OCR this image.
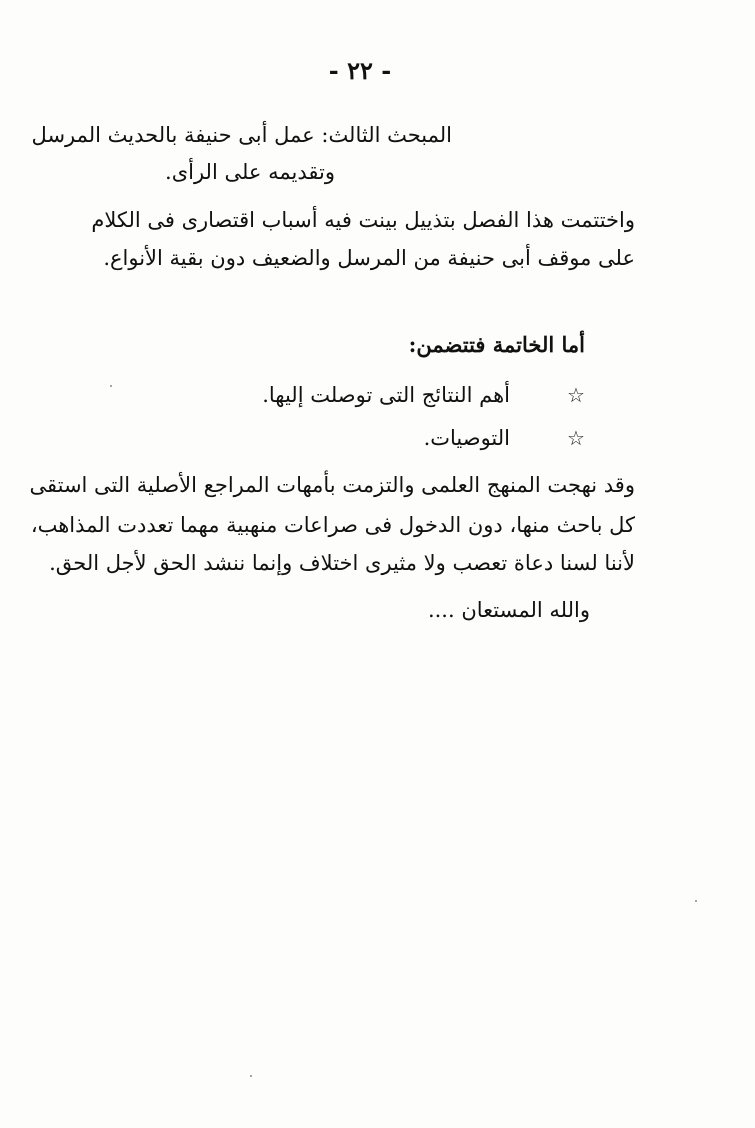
- ٢٢ -
المبحث الثالث: عمل أبى حنيفة بالحديث المرسل
وتقديمه على الرأى.
واختتمت هذا الفصل بتذييل بينت فيه أسباب اقتصارى فى الكلام
على موقف أبى حنيفة من المرسل والضعيف دون بقية الأنواع.
أما الخاتمة فتتضمن:
☆
أهم النتائج التى توصلت إليها.
☆
التوصيات.
وقد نهجت المنهج العلمى والتزمت بأمهات المراجع الأصلية التى استقى
كل باحث منها، دون الدخول فى صراعات منهبية مهما تعددت المذاهب،
لأننا لسنا دعاة تعصب ولا مثيرى اختلاف وإنما ننشد الحق لأجل الحق.
والله المستعان ....
